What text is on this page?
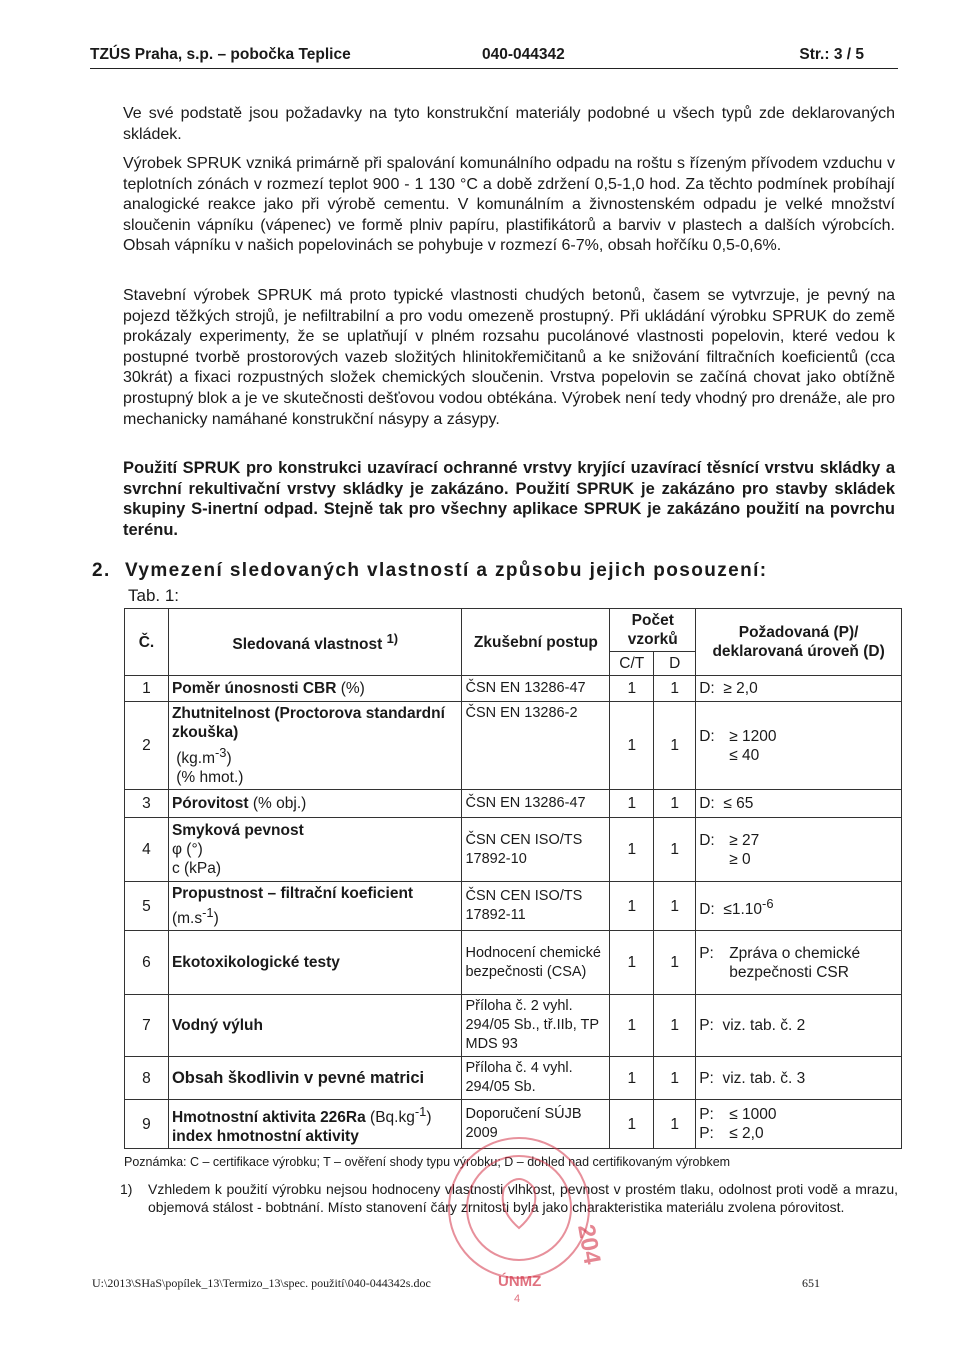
TZÚS Praha, s.p. – pobočka Teplice	040-044342	Str.: 3 / 5

Ve své podstatě jsou požadavky na tyto konstrukční materiály podobné u všech typů zde deklarovaných skládek.

Výrobek SPRUK vzniká primárně při spalování komunálního odpadu na roštu s řízeným přívodem vzduchu v teplotních zónách v rozmezí teplot 900 - 1 130 °C a době zdržení 0,5-1,0 hod. Za těchto podmínek probíhají analogické reakce jako při výrobě cementu. V komunálním a živnostenském odpadu je velké množství sloučenin vápníku (vápenec) ve formě plniv papíru, plastifikátorů a barviv v plastech a dalších výrobcích. Obsah vápníku v našich popelovinách se pohybuje v rozmezí 6-7%, obsah hořčíku 0,5-0,6%.

Stavební výrobek SPRUK má proto typické vlastnosti chudých betonů, časem se vytvrzuje, je pevný na pojezd těžkých strojů, je nefiltrabilní a pro vodu omezeně prostupný. Při ukládání výrobku SPRUK do země prokázaly experimenty, že se uplatňují v plném rozsahu pucolánové vlastnosti popelovin, které vedou k postupné tvorbě prostorových vazeb složitých hlinitokřemičitanů a ke snižování filtračních koeficientů (cca 30krát) a fixaci rozpustných složek chemických sloučenin. Vrstva popelovin se začíná chovat jako obtížně prostupný blok a je ve skutečnosti dešťovou vodou obtékána. Výrobek není tedy vhodný pro drenáže, ale pro mechanicky namáhané konstrukční násypy a zásypy.

Použití SPRUK pro konstrukci uzavírací ochranné vrstvy kryjící uzavírací těsnící vrstvu skládky a svrchní rekultivační vrstvy skládky je zakázáno. Použití SPRUK je zakázáno pro stavby skládek skupiny S-inertní odpad. Stejně tak pro všechny aplikace SPRUK je zakázáno použití na povrchu terénu.

2. Vymezení sledovaných vlastností a způsobu jejich posouzení:
Tab. 1:
Č.	Sledovaná vlastnost $^{1)}$	Zkušební postup	Počet vzorků		Požadovaná (P)/ deklarovaná úroveň (D)
			C/T	D	
1	Poměr únosnosti CBR (%)	ČSN EN 13286-47	1	1	D: ≥ 2,0
2	Zhutnitelnost (Proctorova standardní zkouška)
$(kg.m^{-3})$
(% hmot.)	ČSN EN 13286-2	1	1	D: ≥ 1200
≤ 40
3	Pórovitost (% obj.)	ČSN EN 13286-47	1	1	D: ≤ 65
4	Smyková pevnost
φ (°)
c (kPa)	ČSN CEN ISO/TS 17892-10	1	1	D: ≥ 27
≥ 0
5	Propustnost – filtrační koeficient
$(m.s^{-1})$	ČSN CEN ISO/TS 17892-11	1	1	D: $\le 1.10^{-6}$
6	Ekotoxikologické testy	Hodnocení chemické bezpečnosti (CSA)	1	1	P: Zpráva o chemické bezpečnosti CSR

7	Vodný výluh	Příloha č. 2 vyhl. 294/05 Sb., tř.IIb, TP MDS 93	1	1	P: viz. tab. č. 2
8	Obsah škodlivin v pevné matrici	Příloha č. 4 vyhl. 294/05 Sb.	1	1	P: viz. tab. č. 3
9	Hmotnostní aktivita 226Ra $(Bq.kg^{-1})$
index hmotnostní aktivity	Doporučení SÚJB 2009	1	1	P: ≤ 1000
P: ≤ 2,0
Poznámka: C – certifikace výrobku; T – ověření shody typu výrobku; D – dohled nad certifikovaným výrobkem
1) Vzhledem k použití výrobku nejsou hodnoceny vlastnosti vlhkost, pevnost v prostém tlaku, odolnost proti vodě a mrazu, objemová stálost - bobtnání. Místo stanovení čáry zrnitosti byla jako charakteristika materiálu zvolena pórovitost.
U:\2013\SHaS\popílek_13\Termizo_13\spec. použití\040-044342s.doc	651
204
ÚNMZ
4
